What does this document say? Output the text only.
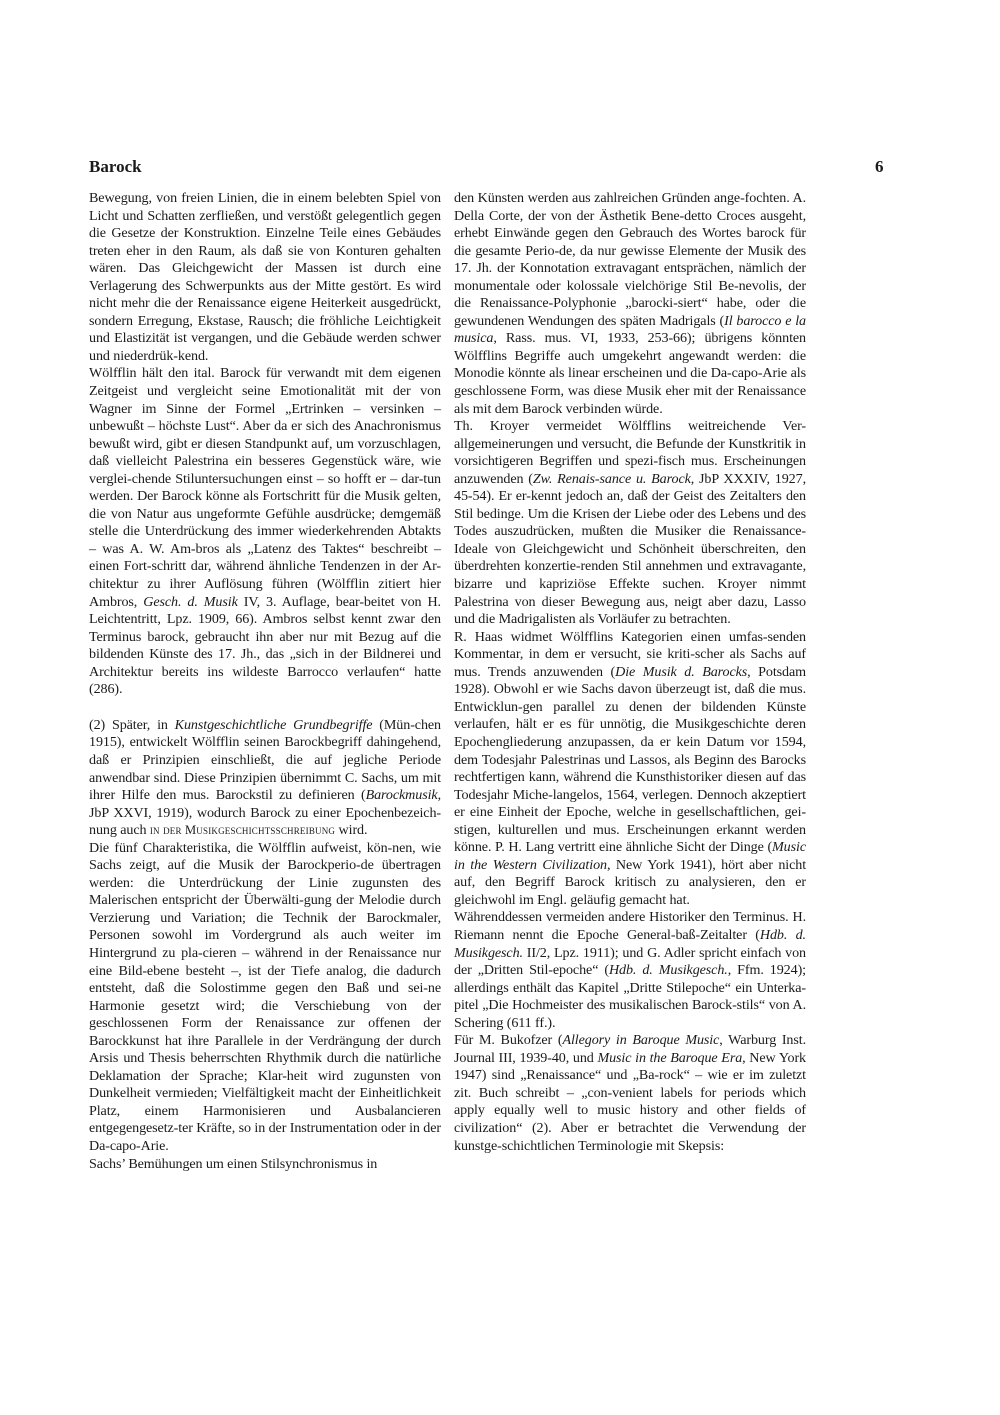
Barock	6

Bewegung, von freien Linien, die in einem belebten Spiel von Licht und Schatten zerfließen, und verstößt gelegentlich gegen die Gesetze der Konstruktion. Einzelne Teile eines Gebäudes treten eher in den Raum, als daß sie von Konturen gehalten wären. Das Gleichgewicht der Massen ist durch eine Verlagerung des Schwerpunkts aus der Mitte gestört. Es wird nicht mehr die der Renaissance eigene Heiterkeit ausgedrückt, sondern Erregung, Ekstase, Rausch; die fröhliche Leichtigkeit und Elastizität ist vergangen, und die Gebäude werden schwer und niederdrük-kend.

Wölfflin hält den ital. Barock für verwandt mit dem eigenen Zeitgeist und vergleicht seine Emotionalität mit der von Wagner im Sinne der Formel „Ertrinken – versinken – unbewußt – höchste Lust“. Aber da er sich des Anachronismus bewußt wird, gibt er diesen Standpunkt auf, um vorzuschlagen, daß vielleicht Palestrina ein besseres Gegenstück wäre, wie verglei-chende Stiluntersuchungen einst – so hofft er – dar-tun werden. Der Barock könne als Fortschritt für die Musik gelten, die von Natur aus ungeformte Gefühle ausdrücke; demgemäß stelle die Unterdrückung des immer wiederkehrenden Abtakts – was A. W. Am-bros als „Latenz des Taktes“ beschreibt – einen Fort-schritt dar, während ähnliche Tendenzen in der Ar-chitektur zu ihrer Auflösung führen (Wölfflin zitiert hier Ambros, Gesch. d. Musik IV, 3. Auflage, bear-beitet von H. Leichtentritt, Lpz. 1909, 66). Ambros selbst kennt zwar den Terminus barock, gebraucht ihn aber nur mit Bezug auf die bildenden Künste des 17. Jh., das „sich in der Bildnerei und Architektur bereits ins wildeste Barrocco verlaufen“ hatte (286).

(2) Später, in Kunstgeschichtliche Grundbegriffe (Mün-chen 1915), entwickelt Wölfflin seinen Barockbegriff dahingehend, daß er Prinzipien einschließt, die auf jegliche Periode anwendbar sind. Diese Prinzipien übernimmt C. Sachs, um mit ihrer Hilfe den mus. Barockstil zu definieren (Barockmusik, JbP XXVI, 1919), wodurch Barock zu einer Epochenbezeich-nung auch in der Musikgeschichtsschreibung wird.

Die fünf Charakteristika, die Wölfflin aufweist, kön-nen, wie Sachs zeigt, auf die Musik der Barockperio-de übertragen werden: die Unterdrückung der Linie zugunsten des Malerischen entspricht der Überwälti-gung der Melodie durch Verzierung und Variation; die Technik der Barockmaler, Personen sowohl im Vordergrund als auch weiter im Hintergrund zu pla-cieren – während in der Renaissance nur eine Bild-ebene besteht –, ist der Tiefe analog, die dadurch entsteht, daß die Solostimme gegen den Baß und sei-ne Harmonie gesetzt wird; die Verschiebung von der geschlossenen Form der Renaissance zur offenen der Barockkunst hat ihre Parallele in der Verdrängung der durch Arsis und Thesis beherrschten Rhythmik durch die natürliche Deklamation der Sprache; Klar-heit wird zugunsten von Dunkelheit vermieden; Vielfältigkeit macht der Einheitlichkeit Platz, einem Harmonisieren und Ausbalancieren entgegengesetz-ter Kräfte, so in der Instrumentation oder in der Da-capo-Arie.

Sachs’ Bemühungen um einen Stilsynchronismus in

den Künsten werden aus zahlreichen Gründen ange-fochten. A. Della Corte, der von der Ästhetik Bene-detto Croces ausgeht, erhebt Einwände gegen den Gebrauch des Wortes barock für die gesamte Perio-de, da nur gewisse Elemente der Musik des 17. Jh. der Konnotation extravagant entsprächen, nämlich der monumentale oder kolossale vielchörige Stil Be-nevolis, der die Renaissance-Polyphonie „barocki-siert“ habe, oder die gewundenen Wendungen des späten Madrigals (Il barocco e la musica, Rass. mus. VI, 1933, 253-66); übrigens könnten Wölfflins Begriffe auch umgekehrt angewandt werden: die Monodie könnte als linear erscheinen und die Da-capo-Arie als geschlossene Form, was diese Musik eher mit der Renaissance als mit dem Barock verbinden würde.

Th. Kroyer vermeidet Wölfflins weitreichende Ver-allgemeinerungen und versucht, die Befunde der Kunstkritik in vorsichtigeren Begriffen und spezi-fisch mus. Erscheinungen anzuwenden (Zw. Renais-sance u. Barock, JbP XXXIV, 1927, 45-54). Er er-kennt jedoch an, daß der Geist des Zeitalters den Stil bedinge. Um die Krisen der Liebe oder des Lebens und des Todes auszudrücken, mußten die Musiker die Renaissance-Ideale von Gleichgewicht und Schönheit überschreiten, den überdrehten konzertie-renden Stil annehmen und extravagante, bizarre und kapriziöse Effekte suchen. Kroyer nimmt Palestrina von dieser Bewegung aus, neigt aber dazu, Lasso und die Madrigalisten als Vorläufer zu betrachten.

R. Haas widmet Wölfflins Kategorien einen umfas-senden Kommentar, in dem er versucht, sie kriti-scher als Sachs auf mus. Trends anzuwenden (Die Musik d. Barocks, Potsdam 1928). Obwohl er wie Sachs davon überzeugt ist, daß die mus. Entwicklun-gen parallel zu denen der bildenden Künste verlaufen, hält er es für unnötig, die Musikgeschichte deren Epochengliederung anzupassen, da er kein Datum vor 1594, dem Todesjahr Palestrinas und Lassos, als Beginn des Barocks rechtfertigen kann, während die Kunsthistoriker diesen auf das Todesjahr Miche-langelos, 1564, verlegen. Dennoch akzeptiert er eine Einheit der Epoche, welche in gesellschaftlichen, gei-stigen, kulturellen und mus. Erscheinungen erkannt werden könne. P. H. Lang vertritt eine ähnliche Sicht der Dinge (Music in the Western Civilization, New York 1941), hört aber nicht auf, den Begriff Barock kritisch zu analysieren, den er gleichwohl im Engl. geläufig gemacht hat.

Währenddessen vermeiden andere Historiker den Terminus. H. Riemann nennt die Epoche General-baß-Zeitalter (Hdb. d. Musikgesch. II/2, Lpz. 1911); und G. Adler spricht einfach von der „Dritten Stil-epoche“ (Hdb. d. Musikgesch., Ffm. 1924); allerdings enthält das Kapitel „Dritte Stilepoche“ ein Unterka-pitel „Die Hochmeister des musikalischen Barock-stils“ von A. Schering (611 ff.).

Für M. Bukofzer (Allegory in Baroque Music, Warburg Inst. Journal III, 1939-40, und Music in the Baroque Era, New York 1947) sind „Renaissance“ und „Ba-rock“ – wie er im zuletzt zit. Buch schreibt – „con-venient labels for periods which apply equally well to music history and other fields of civilization“ (2). Aber er betrachtet die Verwendung der kunstge-schichtlichen Terminologie mit Skepsis:
